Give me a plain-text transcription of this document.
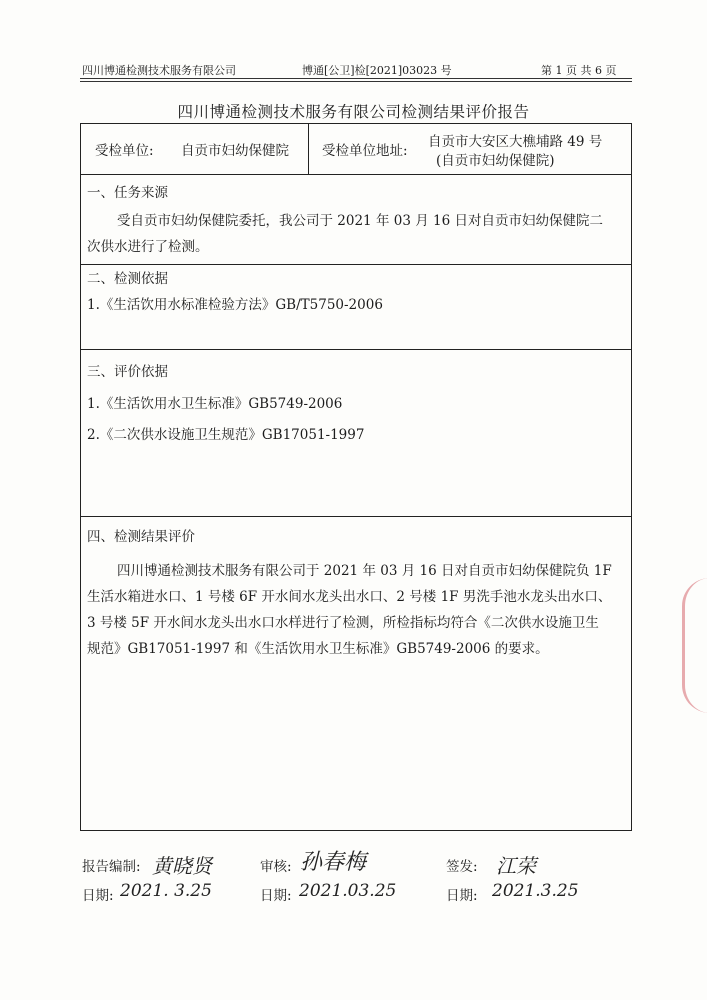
四川博通检测技术服务有限公司	博通[公卫]检[2021]03023 号	第 1 页 共 6 页
四川博通检测技术服务有限公司检测结果评价报告
受检单位: 自贡市妇幼保健院 受检单位地址:
自贡市大安区大樵埔路 49 号
(自贡市妇幼保健院)
一、任务来源
受自贡市妇幼保健院委托，我公司于 2021 年 03 月 16 日对自贡市妇幼保健院二
次供水进行了检测。
二、检测依据
1.《生活饮用水标准检验方法》GB/T5750-2006
三、评价依据
1.《生活饮用水卫生标准》GB5749-2006
2.《二次供水设施卫生规范》GB17051-1997
四、检测结果评价
四川博通检测技术服务有限公司于 2021 年 03 月 16 日对自贡市妇幼保健院负 1F
生活水箱进水口、1 号楼 6F 开水间水龙头出水口、2 号楼 1F 男洗手池水龙头出水口、
3 号楼 5F 开水间水龙头出水口水样进行了检测，所检指标均符合《二次供水设施卫生
规范》GB17051-1997 和《生活饮用水卫生标准》GB5749-2006 的要求。
报告编制: 黄晓贤	审核: 孙春梅	签发: 江荣
日期: 2021. 3.25	日期: 2021.03.25	日期: 2021.3.25
